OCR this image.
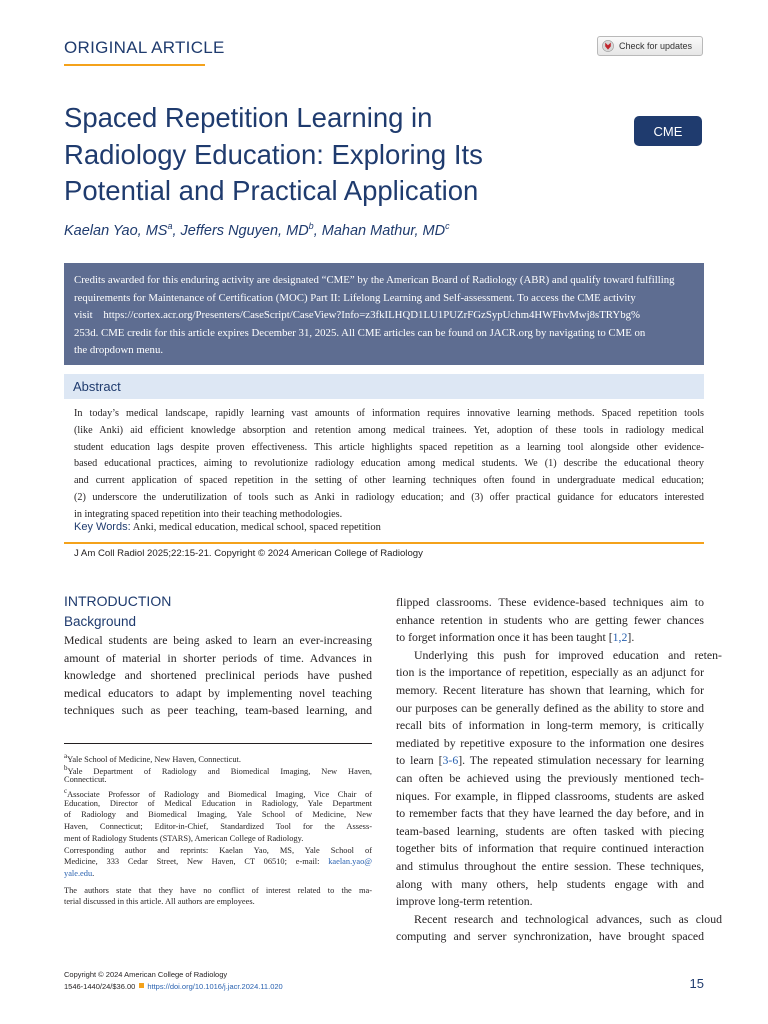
ORIGINAL ARTICLE	Check for updates
Spaced Repetition Learning in
Radiology Education: Exploring Its
Potential and Practical Application
CME
Kaelan Yao, $MS^a$, Jeffers Nguyen, $MD^b$, Mahan Mathur, $MD^c$

Credits awarded for this enduring activity are designated “CME” by the American Board of Radiology (ABR) and qualify toward fulfilling
requirements for Maintenance of Certification (MOC) Part II: Lifelong Learning and Self-assessment. To access the CME activity
visit    https://cortex.acr.org/Presenters/CaseScript/CaseView?Info=z3fkILHQD1LU1PUZrFGzSypUchm4HWFhvMwj8sTRYbg%
253d. CME credit for this article expires December 31, 2025. All CME articles can be found on JACR.org by navigating to CME on
the dropdown menu.

Abstract

In today’s medical landscape, rapidly learning vast amounts of information requires innovative learning methods. Spaced repetition tools
(like Anki) aid efficient knowledge absorption and retention among medical trainees. Yet, adoption of these tools in radiology medical
student education lags despite proven effectiveness. This article highlights spaced repetition as a learning tool alongside other evidence-
based educational practices, aiming to revolutionize radiology education among medical students. We (1) describe the educational theory
and current application of spaced repetition in the setting of other learning techniques often found in undergraduate medical education;
(2) underscore the underutilization of tools such as Anki in radiology education; and (3) offer practical guidance for educators interested
in integrating spaced repetition into their teaching methodologies.

Key Words: Anki, medical education, medical school, spaced repetition
J Am Coll Radiol 2025;22:15-21. Copyright © 2024 American College of Radiology
INTRODUCTION
Background

Medical students are being asked to learn an ever-increasing
amount of material in shorter periods of time. Advances in
knowledge and shortened preclinical periods have pushed
medical educators to adapt by implementing novel teaching
techniques such as peer teaching, team-based learning, and

$^a$Yale School of Medicine, New Haven, Connecticut.
$^b$Yale Department of Radiology and Biomedical Imaging, New Haven,
Connecticut.
$^c$Associate Professor of Radiology and Biomedical Imaging, Vice Chair of
Education, Director of Medical Education in Radiology, Yale Department
of Radiology and Biomedical Imaging, Yale School of Medicine, New
Haven, Connecticut; Editor-in-Chief, Standardized Tool for the Assess-
ment of Radiology Students (STARS), American College of Radiology.
Corresponding author and reprints: Kaelan Yao, MS, Yale School of
Medicine, 333 Cedar Street, New Haven, CT 06510; e-mail: kaelan.yao@
yale.edu.
The authors state that they have no conflict of interest related to the ma-
terial discussed in this article. All authors are employees.
flipped classrooms. These evidence-based techniques aim to
enhance retention in students who are getting fewer chances
to forget information once it has been taught [1,2].
Underlying this push for improved education and reten-
tion is the importance of repetition, especially as an adjunct for
memory. Recent literature has shown that learning, which for
our purposes can be generally defined as the ability to store and
recall bits of information in long-term memory, is critically
mediated by repetitive exposure to the information one desires
to learn [3-6]. The repeated stimulation necessary for learning
can often be achieved using the previously mentioned tech-
niques. For example, in flipped classrooms, students are asked
to remember facts that they have learned the day before, and in
team-based learning, students are often tasked with piecing
together bits of information that require continued interaction
and stimulus throughout the entire session. These techniques,
along with many others, help students engage with and
improve long-term retention.
Recent research and technological advances, such as cloud
computing and server synchronization, have brought spaced
Copyright © 2024 American College of Radiology
1546-1440/24/$36.00 https://doi.org/10.1016/j.jacr.2024.11.020	15
